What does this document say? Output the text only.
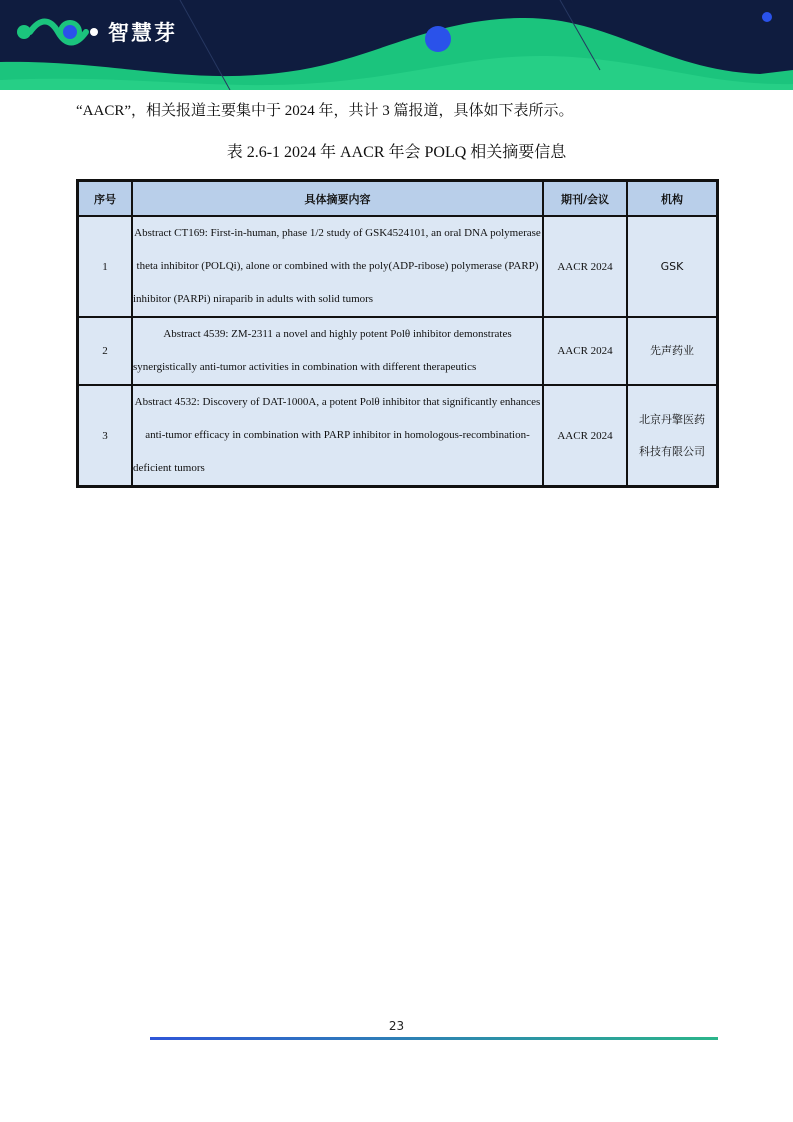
智慧芽
“AACR”，相关报道主要集中于 2024 年，共计 3 篇报道，具体如下表所示。
表 2.6-1 2024 年 AACR 年会 POLQ 相关摘要信息
序号	具体摘要内容	期刊/会议	机构
1	Abstract CT169: First-in-human, phase 1/2 study of GSK4524101, an oral DNA polymerase theta inhibitor (POLQi), alone or combined with the poly(ADP-ribose) polymerase (PARP) inhibitor (PARPi) niraparib in adults with solid tumors	AACR 2024	GSK
2	Abstract 4539: ZM-2311 a novel and highly potent Polθ inhibitor demonstrates synergistically anti-tumor activities in combination with different therapeutics	AACR 2024	先声药业
3	Abstract 4532: Discovery of DAT-1000A, a potent Polθ inhibitor that significantly enhances anti-tumor efficacy in combination with PARP inhibitor in homologous-recombination-deficient tumors	AACR 2024	北京丹擎医药科技有限公司
23
